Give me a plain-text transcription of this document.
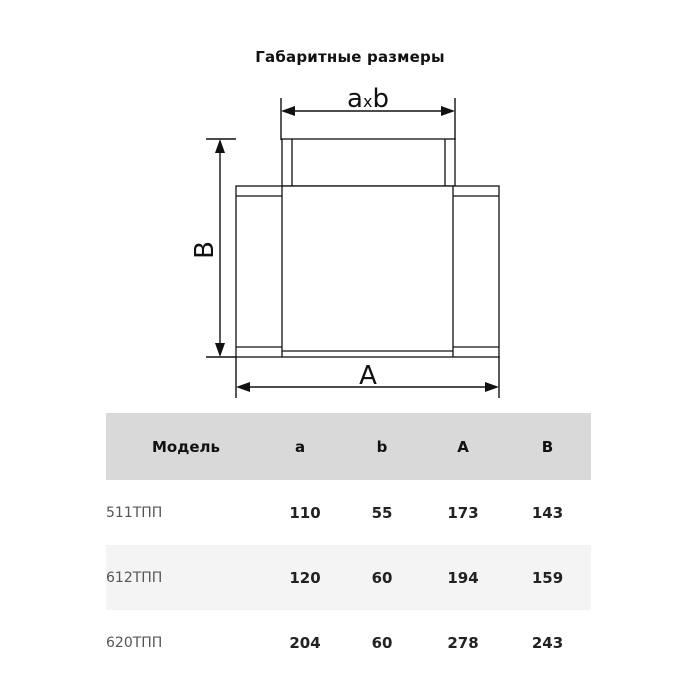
Габаритные размеры
axb
B
A
Модель	a	b	A	B
511ТПП	110	55	173	143
612ТПП	120	60	194	159
620ТПП	204	60	278	243
